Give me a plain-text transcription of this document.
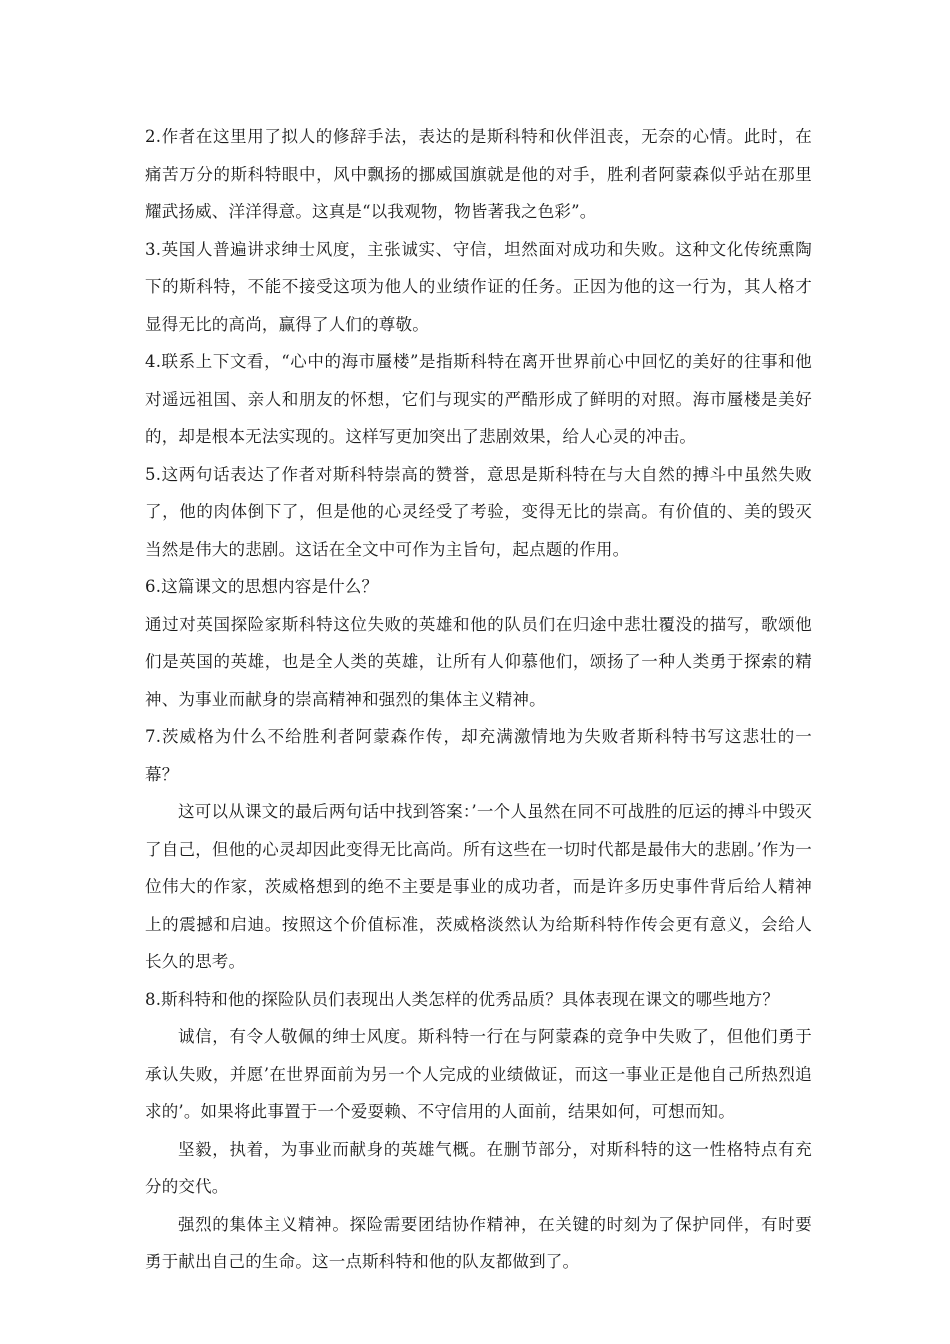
2.作者在这里用了拟人的修辞手法，表达的是斯科特和伙伴沮丧，无奈的心情。此时，在痛苦万分的斯科特眼中，风中飘扬的挪威国旗就是他的对手，胜利者阿蒙森似乎站在那里耀武扬威、洋洋得意。这真是“以我观物，物皆著我之色彩”。

3.英国人普遍讲求绅士风度，主张诚实、守信，坦然面对成功和失败。这种文化传统熏陶下的斯科特，不能不接受这项为他人的业绩作证的任务。正因为他的这一行为，其人格才显得无比的高尚，赢得了人们的尊敬。

4.联系上下文看，“心中的海市蜃楼”是指斯科特在离开世界前心中回忆的美好的往事和他对遥远祖国、亲人和朋友的怀想，它们与现实的严酷形成了鲜明的对照。海市蜃楼是美好的，却是根本无法实现的。这样写更加突出了悲剧效果，给人心灵的冲击。

5.这两句话表达了作者对斯科特崇高的赞誉，意思是斯科特在与大自然的搏斗中虽然失败了，他的肉体倒下了，但是他的心灵经受了考验，变得无比的崇高。有价值的、美的毁灭当然是伟大的悲剧。这话在全文中可作为主旨句，起点题的作用。

6.这篇课文的思想内容是什么？

通过对英国探险家斯科特这位失败的英雄和他的队员们在归途中悲壮覆没的描写，歌颂他们是英国的英雄，也是全人类的英雄，让所有人仰慕他们，颂扬了一种人类勇于探索的精神、为事业而献身的崇高精神和强烈的集体主义精神。

7.茨威格为什么不给胜利者阿蒙森作传，却充满激情地为失败者斯科特书写这悲壮的一幕？

这可以从课文的最后两句话中找到答案：’一个人虽然在同不可战胜的厄运的搏斗中毁灭了自己，但他的心灵却因此变得无比高尚。所有这些在一切时代都是最伟大的悲剧。’作为一位伟大的作家，茨威格想到的绝不主要是事业的成功者，而是许多历史事件背后给人精神上的震撼和启迪。按照这个价值标准，茨威格淡然认为给斯科特作传会更有意义，会给人长久的思考。

8.斯科特和他的探险队员们表现出人类怎样的优秀品质？具体表现在课文的哪些地方？

诚信，有令人敬佩的绅士风度。斯科特一行在与阿蒙森的竞争中失败了，但他们勇于承认失败，并愿’在世界面前为另一个人完成的业绩做证，而这一事业正是他自己所热烈追求的’。如果将此事置于一个爱耍赖、不守信用的人面前，结果如何，可想而知。

坚毅，执着，为事业而献身的英雄气概。在删节部分，对斯科特的这一性格特点有充分的交代。

强烈的集体主义精神。探险需要团结协作精神，在关键的时刻为了保护同伴，有时要勇于献出自己的生命。这一点斯科特和他的队友都做到了。
